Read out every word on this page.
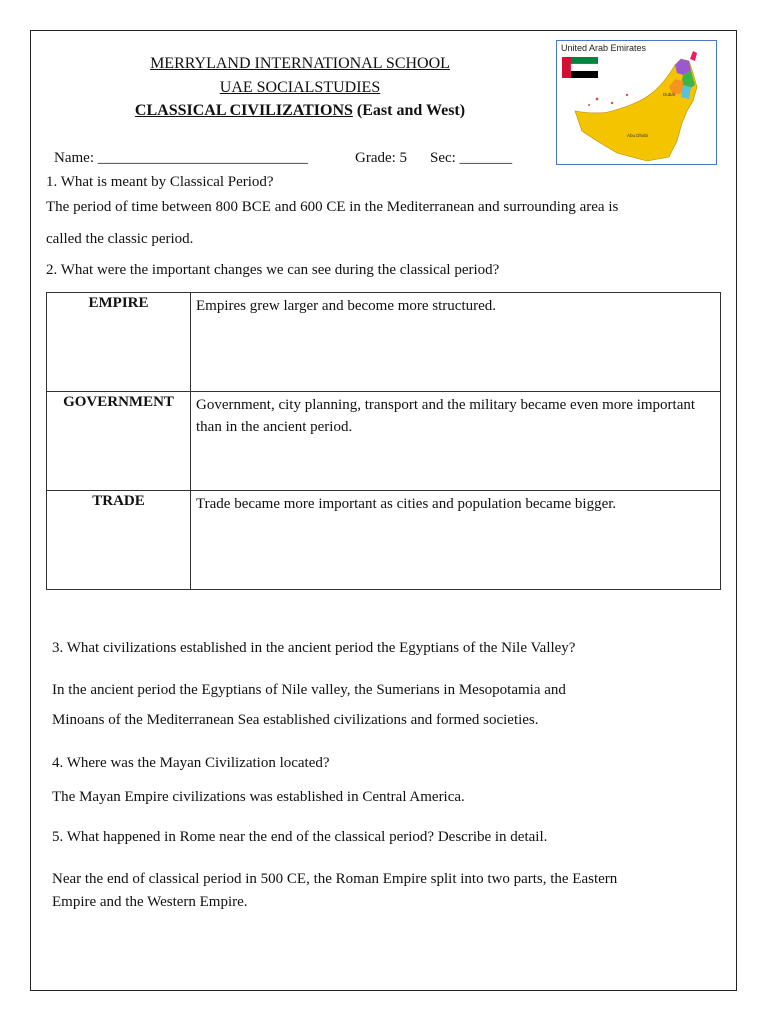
MERRYLAND INTERNATIONAL SCHOOL
UAE SOCIALSTUDIES
CLASSICAL CIVILIZATIONS (East and West)
United Arab Emirates
Dubai
Abu Dhabi
Name: ____________________________	Grade: 5 Sec: _______
1. What is meant by Classical Period?
The period of time between 800 BCE and 600 CE in the Mediterranean and surrounding area is
called the classic period.
2. What were the important changes we can see during the classical period?
EMPIRE	Empires grew larger and become more structured.
GOVERNMENT	Government, city planning, transport and the military became even more important than in the ancient period.
TRADE	Trade became more important as cities and population became bigger.
3. What civilizations established in the ancient period the Egyptians of the Nile Valley?
In the ancient period the Egyptians of Nile valley, the Sumerians in Mesopotamia and
Minoans of the Mediterranean Sea established civilizations and formed societies.
4. Where was the Mayan Civilization located?
The Mayan Empire civilizations was established in Central America.
5. What happened in Rome near the end of the classical period? Describe in detail.
Near the end of classical period in 500 CE, the Roman Empire split into two parts, the Eastern
Empire and the Western Empire.
